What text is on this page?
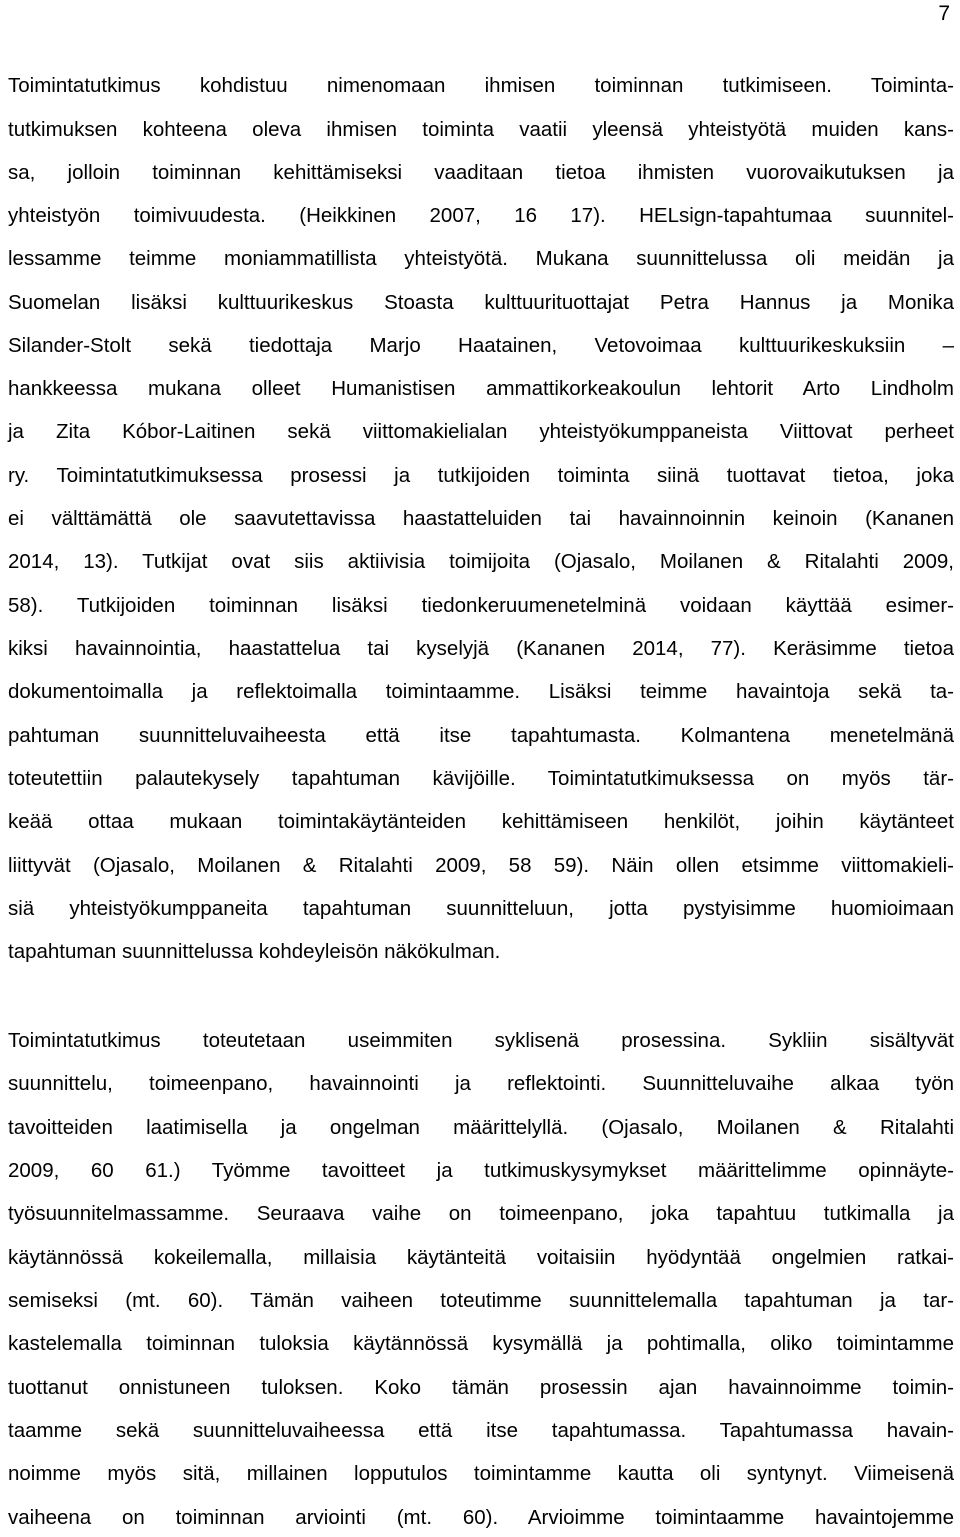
7
Toimintatutkimus kohdistuu nimenomaan ihmisen toiminnan tutkimiseen. Toiminta-
tutkimuksen kohteena oleva ihmisen toiminta vaatii yleensä yhteistyötä muiden kans-
sa, jolloin toiminnan kehittämiseksi vaaditaan tietoa ihmisten vuorovaikutuksen ja
yhteistyön toimivuudesta. (Heikkinen 2007, 16 17). HELsign-tapahtumaa suunnitel-
lessamme teimme moniammatillista yhteistyötä. Mukana suunnittelussa oli meidän ja
Suomelan lisäksi kulttuurikeskus Stoasta kulttuurituottajat Petra Hannus ja Monika
Silander-Stolt sekä tiedottaja Marjo Haatainen, Vetovoimaa kulttuurikeskuksiin –
hankkeessa mukana olleet Humanistisen ammattikorkeakoulun lehtorit Arto Lindholm
ja Zita Kóbor-Laitinen sekä viittomakielialan yhteistyökumppaneista Viittovat perheet
ry. Toimintatutkimuksessa prosessi ja tutkijoiden toiminta siinä tuottavat tietoa, joka
ei välttämättä ole saavutettavissa haastatteluiden tai havainnoinnin keinoin (Kananen
2014, 13). Tutkijat ovat siis aktiivisia toimijoita (Ojasalo, Moilanen & Ritalahti 2009,
58). Tutkijoiden toiminnan lisäksi tiedonkeruumenetelminä voidaan käyttää esimer-
kiksi havainnointia, haastattelua tai kyselyjä (Kananen 2014, 77). Keräsimme tietoa
dokumentoimalla ja reflektoimalla toimintaamme. Lisäksi teimme havaintoja sekä ta-
pahtuman suunnitteluvaiheesta että itse tapahtumasta. Kolmantena menetelmänä
toteutettiin palautekysely tapahtuman kävijöille. Toimintatutkimuksessa on myös tär-
keää ottaa mukaan toimintakäytänteiden kehittämiseen henkilöt, joihin käytänteet
liittyvät (Ojasalo, Moilanen & Ritalahti 2009, 58 59). Näin ollen etsimme viittomakieli-
siä yhteistyökumppaneita tapahtuman suunnitteluun, jotta pystyisimme huomioimaan
tapahtuman suunnittelussa kohdeyleisön näkökulman.
Toimintatutkimus toteutetaan useimmiten syklisenä prosessina. Sykliin sisältyvät
suunnittelu, toimeenpano, havainnointi ja reflektointi. Suunnitteluvaihe alkaa työn
tavoitteiden laatimisella ja ongelman määrittelyllä. (Ojasalo, Moilanen & Ritalahti
2009, 60 61.) Työmme tavoitteet ja tutkimuskysymykset määrittelimme opinnäyte-
työsuunnitelmassamme. Seuraava vaihe on toimeenpano, joka tapahtuu tutkimalla ja
käytännössä kokeilemalla, millaisia käytänteitä voitaisiin hyödyntää ongelmien ratkai-
semiseksi (mt. 60). Tämän vaiheen toteutimme suunnittelemalla tapahtuman ja tar-
kastelemalla toiminnan tuloksia käytännössä kysymällä ja pohtimalla, oliko toimintamme
tuottanut onnistuneen tuloksen. Koko tämän prosessin ajan havainnoimme toimin-
taamme sekä suunnitteluvaiheessa että itse tapahtumassa. Tapahtumassa havain-
noimme myös sitä, millainen lopputulos toimintamme kautta oli syntynyt. Viimeisenä
vaiheena on toiminnan arviointi (mt. 60). Arvioimme toimintaamme havaintojemme
